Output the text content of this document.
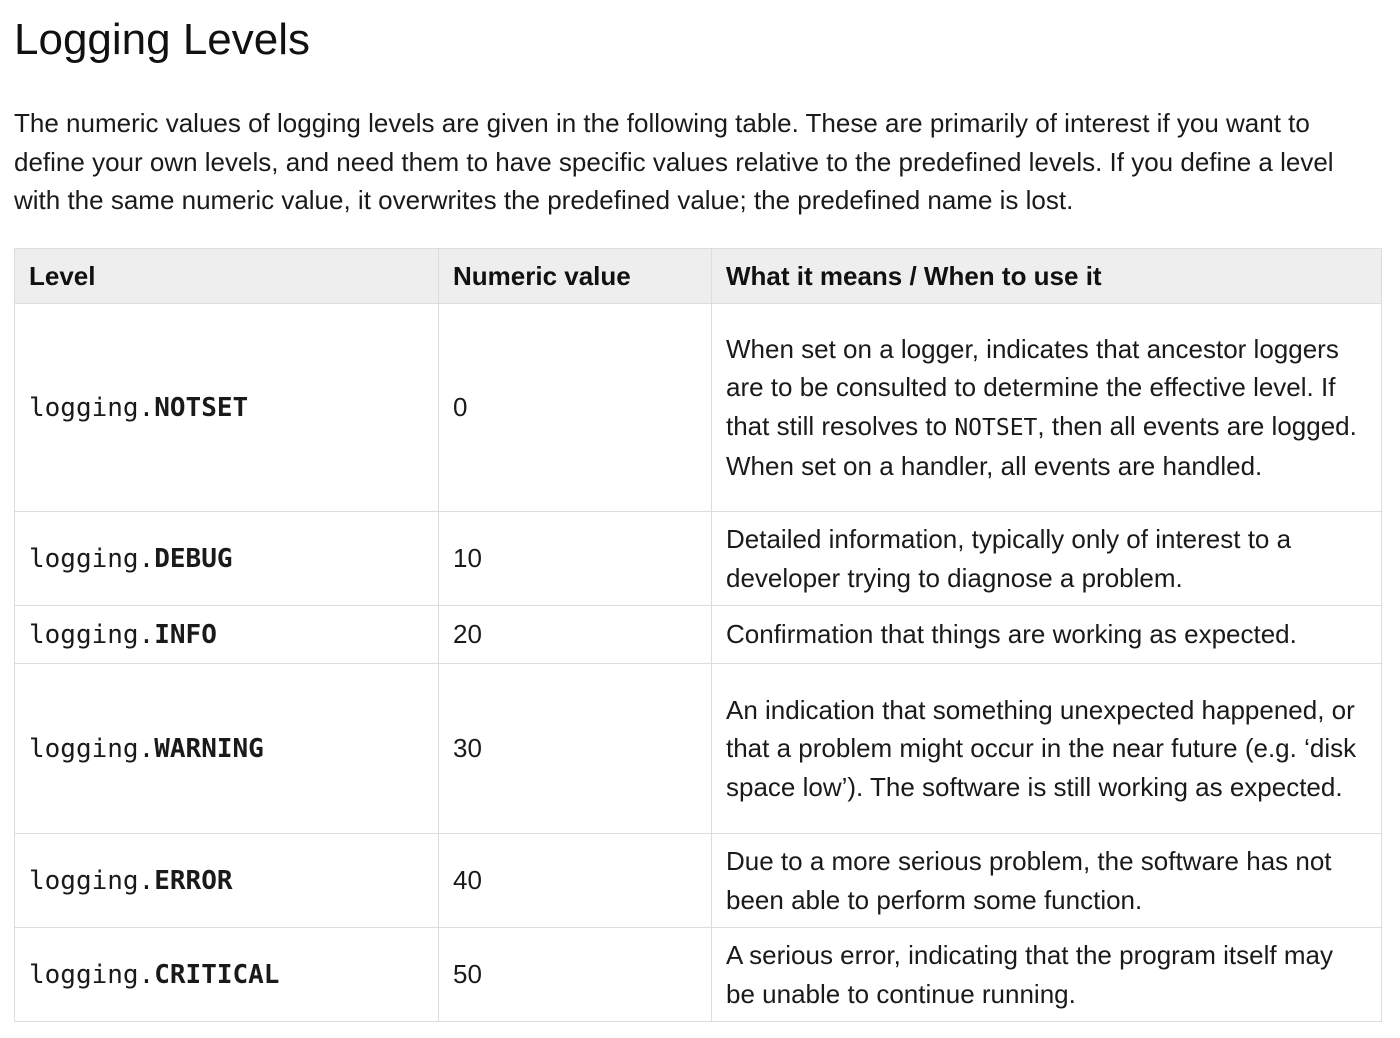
Logging Levels

The numeric values of logging levels are given in the following table. These are primarily of interest if you want to define your own levels, and need them to have specific values relative to the predefined levels. If you define a level with the same numeric value, it overwrites the predefined value; the predefined name is lost.

Level	Numeric value	What it means / When to use it
logging.NOTSET	0	When set on a logger, indicates that ancestor loggers are to be consulted to determine the effective level. If that still resolves to NOTSET, then all events are logged. When set on a handler, all events are handled.
logging.DEBUG	10	Detailed information, typically only of interest to a developer trying to diagnose a problem.
logging.INFO	20	Confirmation that things are working as expected.
logging.WARNING	30	An indication that something unexpected happened, or that a problem might occur in the near future (e.g. ‘disk space low’). The software is still working as expected.
logging.ERROR	40	Due to a more serious problem, the software has not been able to perform some function.
logging.CRITICAL	50	A serious error, indicating that the program itself may be unable to continue running.
